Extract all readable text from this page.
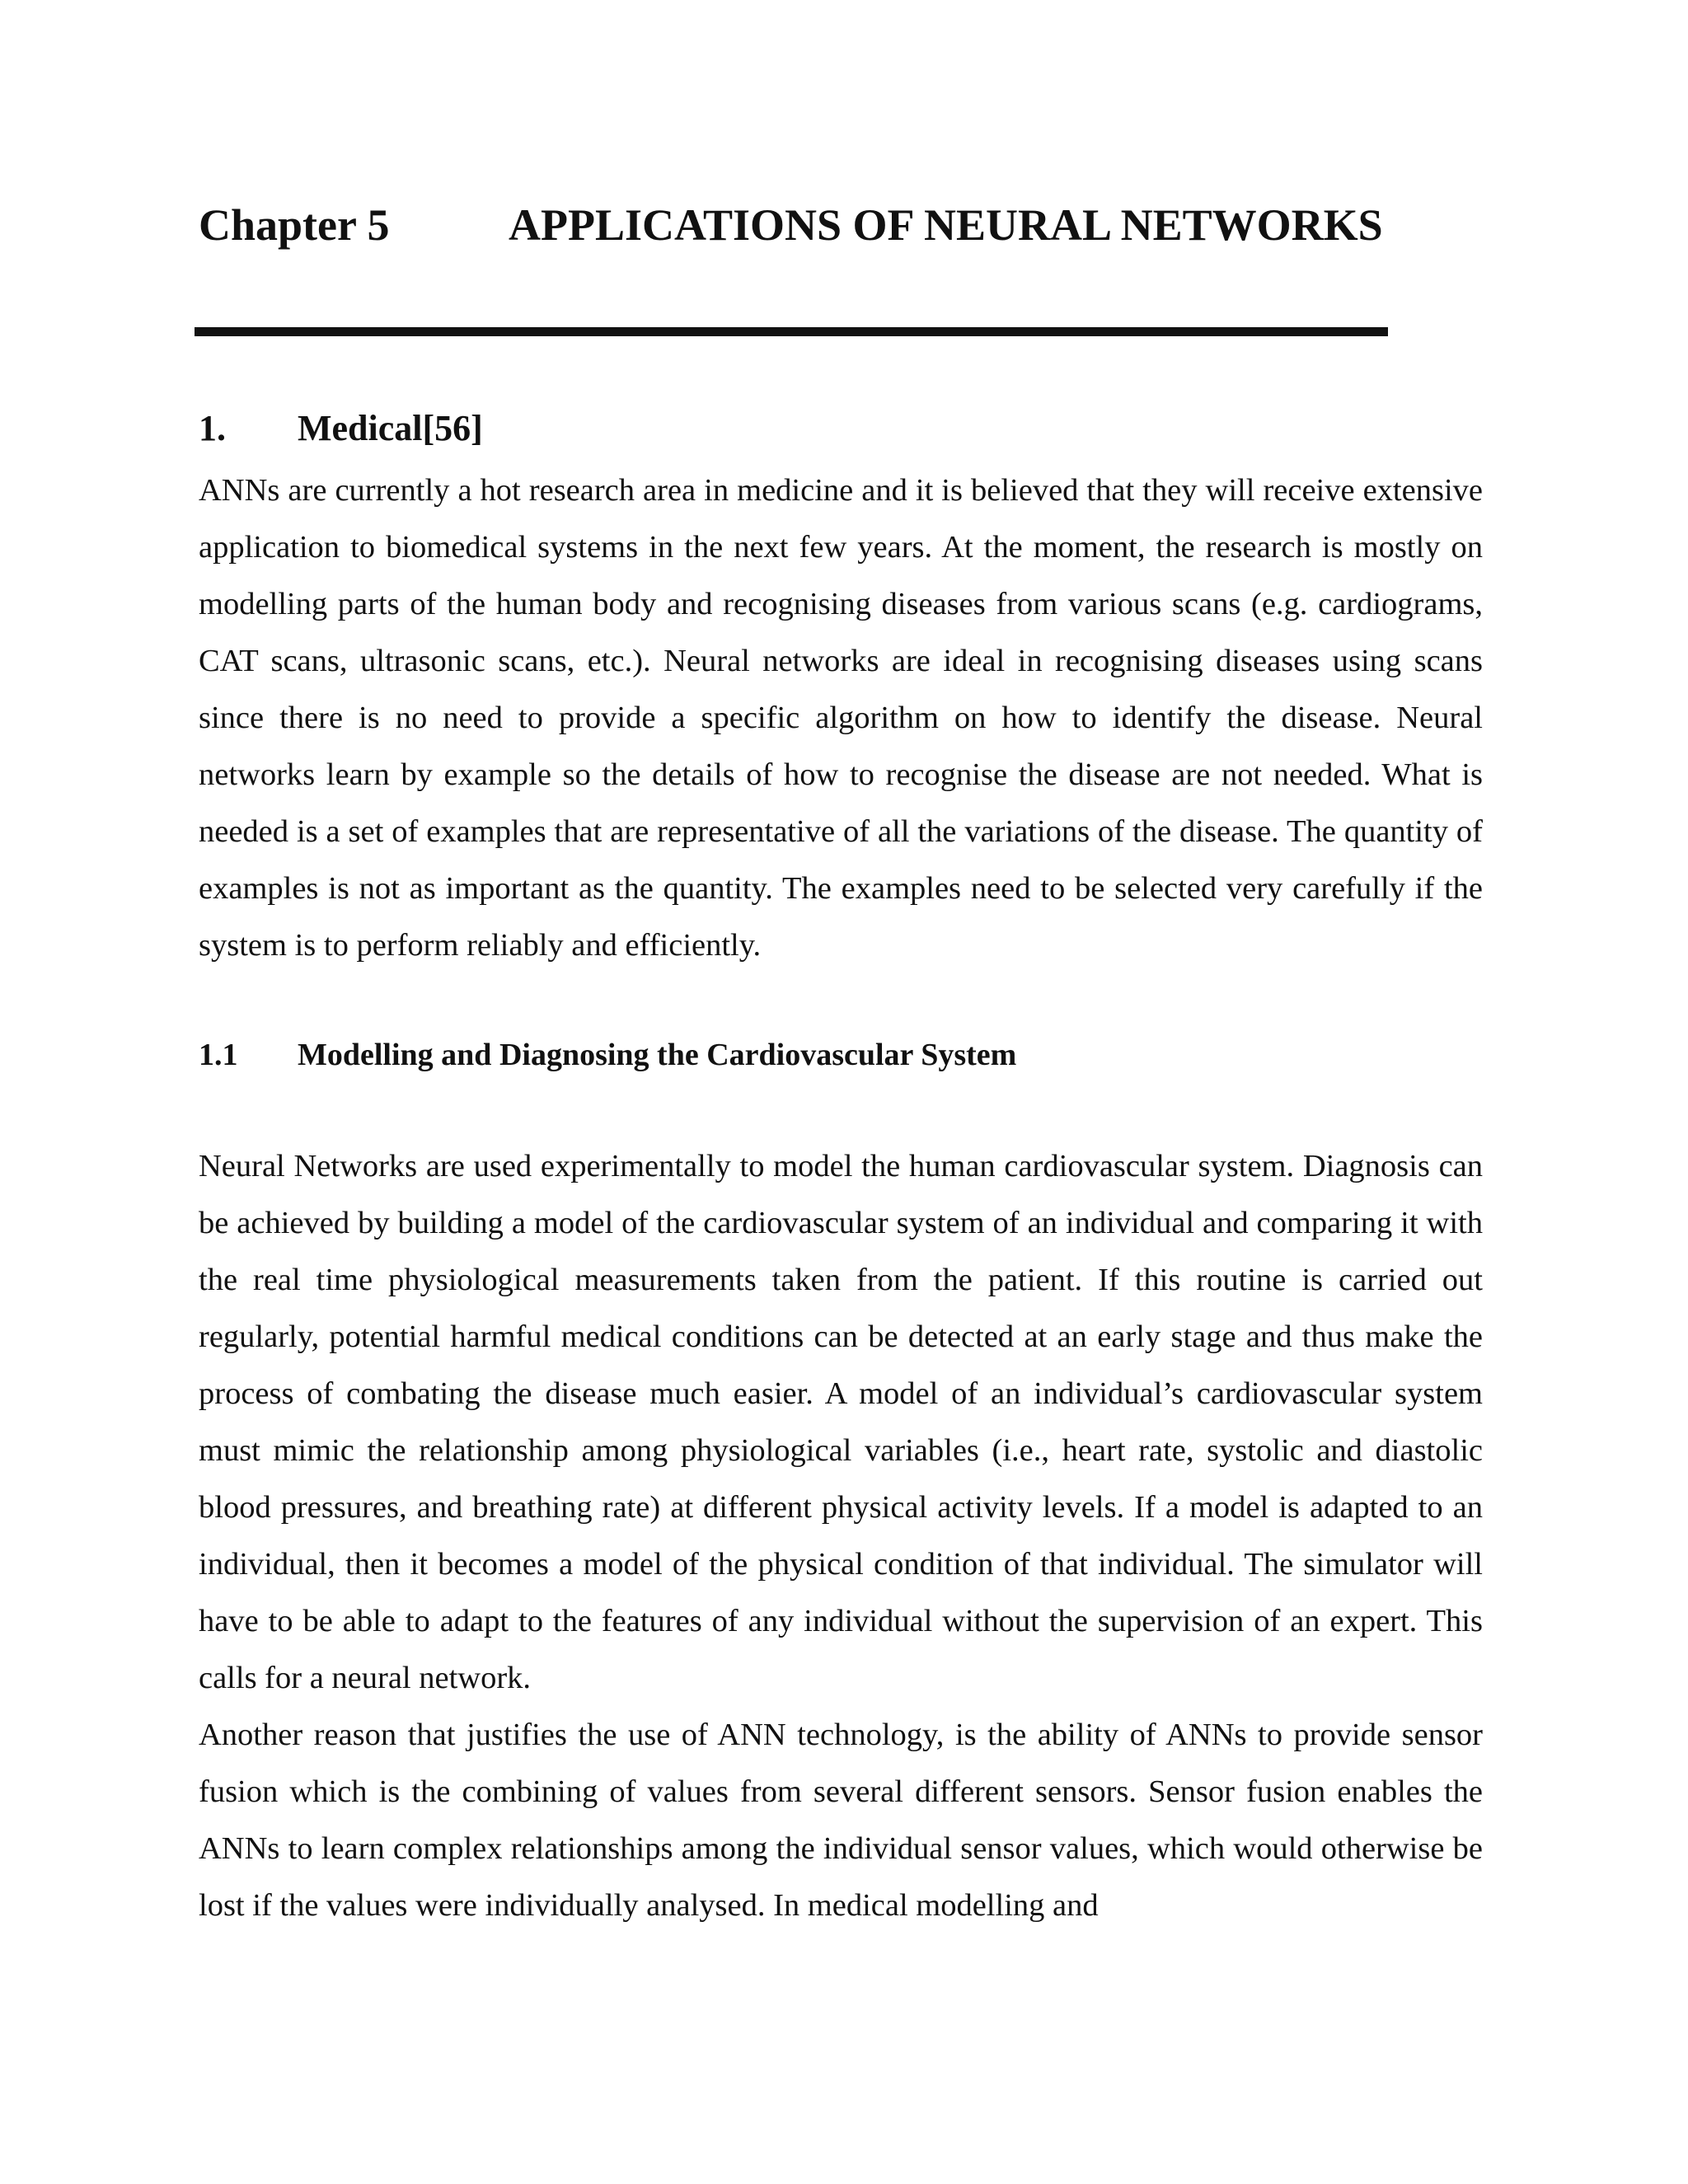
Chapter 5	APPLICATIONS OF NEURAL NETWORKS
1. Medical[56]

ANNs are currently a hot research area in medicine and it is believed that they will receive extensive application to biomedical systems in the next few years. At the moment, the research is mostly on modelling parts of the human body and recognising diseases from various scans (e.g. cardiograms, CAT scans, ultrasonic scans, etc.). Neural networks are ideal in recognising diseases using scans since there is no need to provide a specific algorithm on how to identify the disease. Neural networks learn by example so the details of how to recognise the disease are not needed. What is needed is a set of examples that are representative of all the variations of the disease. The quantity of examples is not as important as the quantity. The examples need to be selected very carefully if the system is to perform reliably and efficiently.

1.1 Modelling and Diagnosing the Cardiovascular System

Neural Networks are used experimentally to model the human cardiovascular system. Diagnosis can be achieved by building a model of the cardiovascular system of an individual and comparing it with the real time physiological measurements taken from the patient. If this routine is carried out regularly, potential harmful medical conditions can be detected at an early stage and thus make the process of combating the disease much easier. A model of an individual’s cardiovascular system must mimic the relationship among physiological variables (i.e., heart rate, systolic and diastolic blood pressures, and breathing rate) at different physical activity levels. If a model is adapted to an individual, then it becomes a model of the physical condition of that individual. The simulator will have to be able to adapt to the features of any individual without the supervision of an expert. This calls for a neural network.

Another reason that justifies the use of ANN technology, is the ability of ANNs to provide sensor fusion which is the combining of values from several different sensors. Sensor fusion enables the ANNs to learn complex relationships among the individual sensor values, which would otherwise be lost if the values were individually analysed. In medical modelling and
